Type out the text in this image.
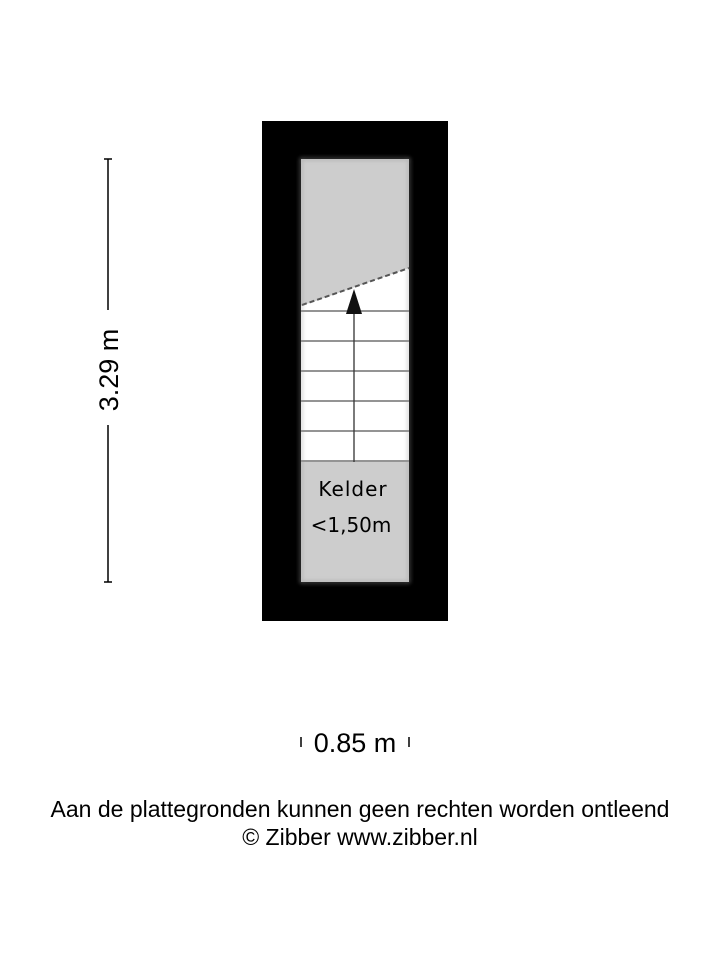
Kelder
<1,50m
3.29 m
0.85 m
Aan de plattegronden kunnen geen rechten worden ontleend
© Zibber www.zibber.nl
